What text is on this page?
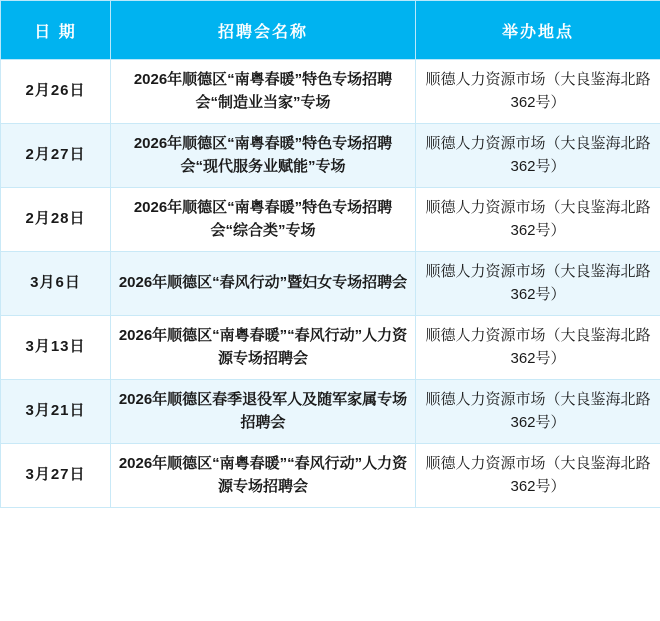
日 期	招聘会名称	举办地点
2月26日	2026年顺德区“南粤春暖”特色专场招聘会“制造业当家”专场	顺德人力资源市场（大良鉴海北路362号）
2月27日	2026年顺德区“南粤春暖”特色专场招聘会“现代服务业赋能”专场	顺德人力资源市场（大良鉴海北路362号）
2月28日	2026年顺德区“南粤春暖”特色专场招聘会“综合类”专场	顺德人力资源市场（大良鉴海北路362号）
3月6日	2026年顺德区“春风行动”暨妇女专场招聘会	顺德人力资源市场（大良鉴海北路362号）
3月13日	2026年顺德区“南粤春暖”“春风行动”人力资源专场招聘会	顺德人力资源市场（大良鉴海北路362号）
3月21日	2026年顺德区春季退役军人及随军家属专场招聘会	顺德人力资源市场（大良鉴海北路362号）
3月27日	2026年顺德区“南粤春暖”“春风行动”人力资源专场招聘会	顺德人力资源市场（大良鉴海北路362号）
